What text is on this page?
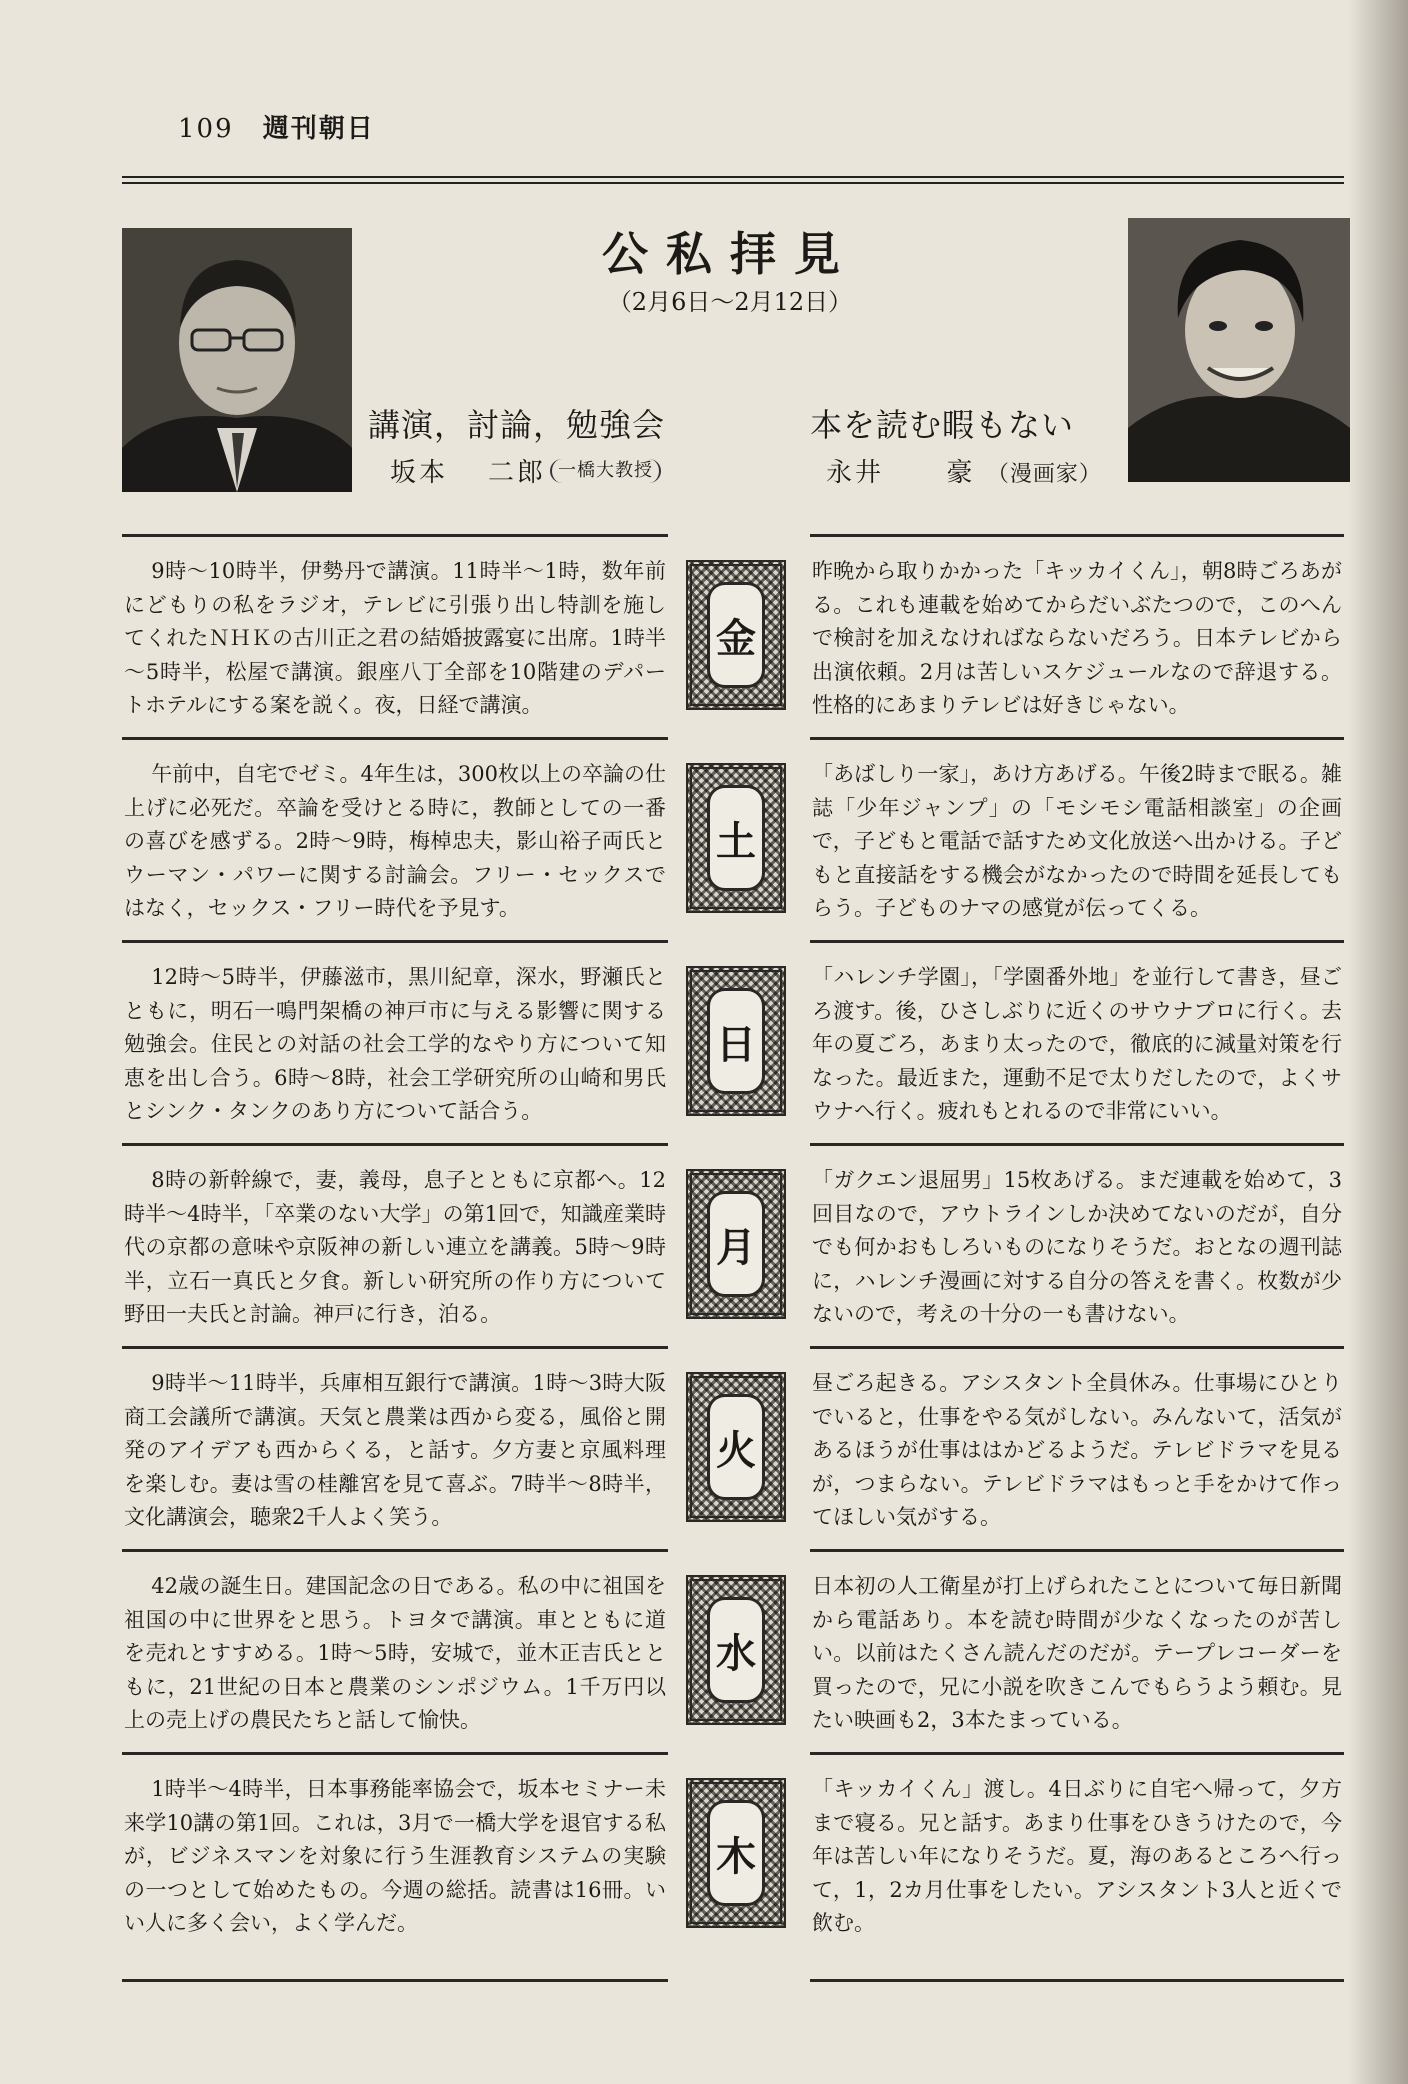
109 週刊朝日
公私拝見
（2月6日～2月12日）
講演，討論，勉強会
坂本 二郎 一橋大教授
本を読む暇もない
永井 豪 （漫画家）
9時～10時半，伊勢丹で講演。11時半～1時，数年前にどもりの私をラジオ，テレビに引張り出し特訓を施してくれたＮＨＫの古川正之君の結婚披露宴に出席。1時半～5時半，松屋で講演。銀座八丁全部を10階建のデパートホテルにする案を説く。夜，日経で講演。
午前中，自宅でゼミ。4年生は，300枚以上の卒論の仕上げに必死だ。卒論を受けとる時に，教師としての一番の喜びを感ずる。2時～9時，梅棹忠夫，影山裕子両氏とウーマン・パワーに関する討論会。フリー・セックスではなく，セックス・フリー時代を予見す。
12時～5時半，伊藤滋市，黒川紀章，深水，野瀬氏とともに，明石一鳴門架橋の神戸市に与える影響に関する勉強会。住民との対話の社会工学的なやり方について知恵を出し合う。6時～8時，社会工学研究所の山崎和男氏とシンク・タンクのあり方について話合う。
8時の新幹線で，妻，義母，息子とともに京都へ。12時半～4時半，「卒業のない大学」の第1回で，知識産業時代の京都の意味や京阪神の新しい連立を講義。5時～9時半，立石一真氏と夕食。新しい研究所の作り方について野田一夫氏と討論。神戸に行き，泊る。
9時半～11時半，兵庫相互銀行で講演。1時～3時大阪商工会議所で講演。天気と農業は西から変る，風俗と開発のアイデアも西からくる，と話す。夕方妻と京風料理を楽しむ。妻は雪の桂離宮を見て喜ぶ。7時半～8時半，文化講演会，聴衆2千人よく笑う。
42歳の誕生日。建国記念の日である。私の中に祖国を祖国の中に世界をと思う。トヨタで講演。車とともに道を売れとすすめる。1時～5時，安城で，並木正吉氏とともに，21世紀の日本と農業のシンポジウム。1千万円以上の売上げの農民たちと話して愉快。
1時半～4時半，日本事務能率協会で，坂本セミナー未来学10講の第1回。これは，3月で一橋大学を退官する私が，ビジネスマンを対象に行う生涯教育システムの実験の一つとして始めたもの。今週の総括。読書は16冊。いい人に多く会い，よく学んだ。
金
土
日
月
火
水
木
昨晩から取りかかった「キッカイくん」，朝8時ごろあがる。これも連載を始めてからだいぶたつので，このへんで検討を加えなければならないだろう。日本テレビから出演依頼。2月は苦しいスケジュールなので辞退する。性格的にあまりテレビは好きじゃない。
「あばしり一家」，あけ方あげる。午後2時まで眠る。雑誌「少年ジャンプ」の「モシモシ電話相談室」の企画で，子どもと電話で話すため文化放送へ出かける。子どもと直接話をする機会がなかったので時間を延長してもらう。子どものナマの感覚が伝ってくる。
「ハレンチ学園」，「学園番外地」を並行して書き，昼ごろ渡す。後，ひさしぶりに近くのサウナブロに行く。去年の夏ごろ，あまり太ったので，徹底的に減量対策を行なった。最近また，運動不足で太りだしたので，よくサウナへ行く。疲れもとれるので非常にいい。
「ガクエン退屈男」15枚あげる。まだ連載を始めて，3回目なので，アウトラインしか決めてないのだが，自分でも何かおもしろいものになりそうだ。おとなの週刊誌に，ハレンチ漫画に対する自分の答えを書く。枚数が少ないので，考えの十分の一も書けない。
昼ごろ起きる。アシスタント全員休み。仕事場にひとりでいると，仕事をやる気がしない。みんないて，活気があるほうが仕事ははかどるようだ。テレビドラマを見るが，つまらない。テレビドラマはもっと手をかけて作ってほしい気がする。
日本初の人工衛星が打上げられたことについて毎日新聞から電話あり。本を読む時間が少なくなったのが苦しい。以前はたくさん読んだのだが。テープレコーダーを買ったので，兄に小説を吹きこんでもらうよう頼む。見たい映画も2，3本たまっている。
「キッカイくん」渡し。4日ぶりに自宅へ帰って，夕方まで寝る。兄と話す。あまり仕事をひきうけたので，今年は苦しい年になりそうだ。夏，海のあるところへ行って，1，2カ月仕事をしたい。アシスタント3人と近くで飲む。
